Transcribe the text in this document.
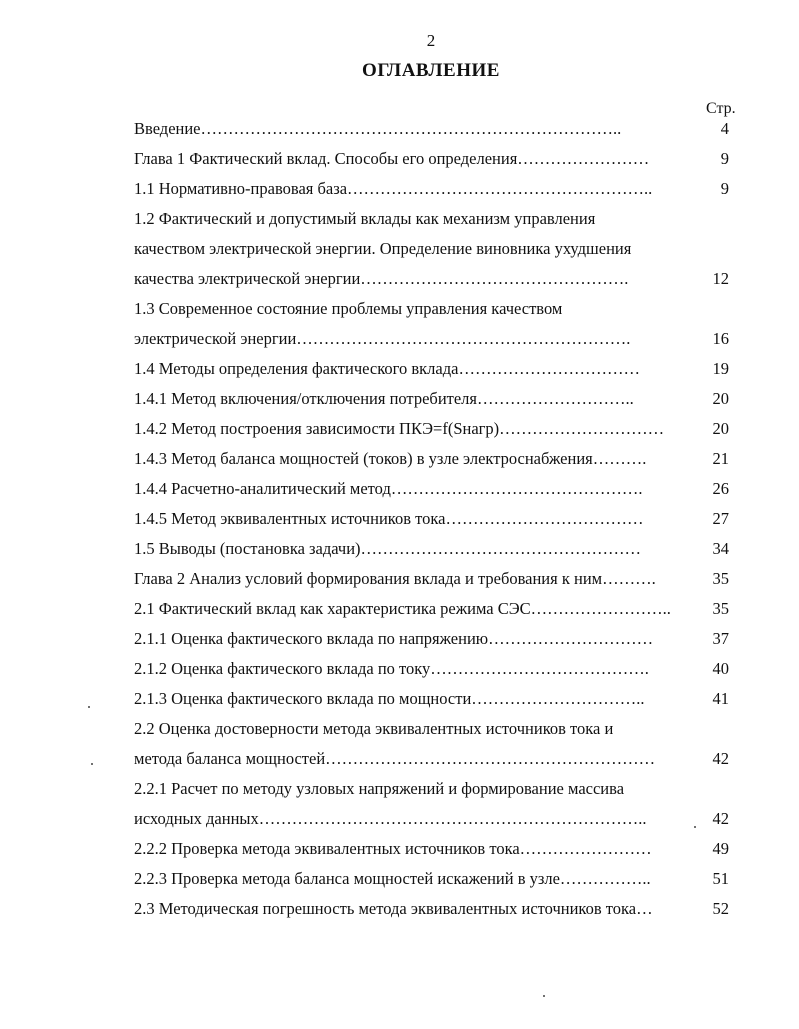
2
ОГЛАВЛЕНИЕ
Стр.
Введение…………………………………………………………………..	4
Глава 1 Фактический вклад. Способы его определения……………………	9
1.1 Нормативно-правовая база………………………………………………..	9
1.2 Фактический и допустимый вклады как механизм управления
качеством электрической энергии. Определение виновника ухудшения
качества электрической энергии………………………………………….	12
1.3 Современное состояние проблемы управления качеством
электрической энергии…………………………………………………….	16
1.4 Методы определения фактического вклада……………………………	19
1.4.1 Метод включения/отключения потребителя………………………..	20
1.4.2 Метод построения зависимости ПКЭ=f(Sнагр)…………………………	20
1.4.3 Метод баланса мощностей (токов) в узле электроснабжения……….	21
1.4.4 Расчетно-аналитический метод……………………………………….	26
1.4.5 Метод эквивалентных источников тока………………………………	27
1.5 Выводы (постановка задачи)……………………………………………	34
Глава 2 Анализ условий формирования вклада и требования к ним……….	35
2.1 Фактический вклад как характеристика режима СЭС……………………..	35
2.1.1 Оценка фактического вклада по напряжению…………………………	37
2.1.2 Оценка фактического вклада по току………………………………….	40
2.1.3 Оценка фактического вклада по мощности…………………………..	41
2.2 Оценка достоверности метода эквивалентных источников тока и
метода баланса мощностей……………………………………………………	42
2.2.1 Расчет по методу узловых напряжений и формирование массива
исходных данных……………………………………………………………..	42
2.2.2 Проверка метода эквивалентных источников тока……………………	49
2.2.3 Проверка метода баланса мощностей искажений в узле……………..	51
2.3 Методическая погрешность метода эквивалентных источников тока…	52
